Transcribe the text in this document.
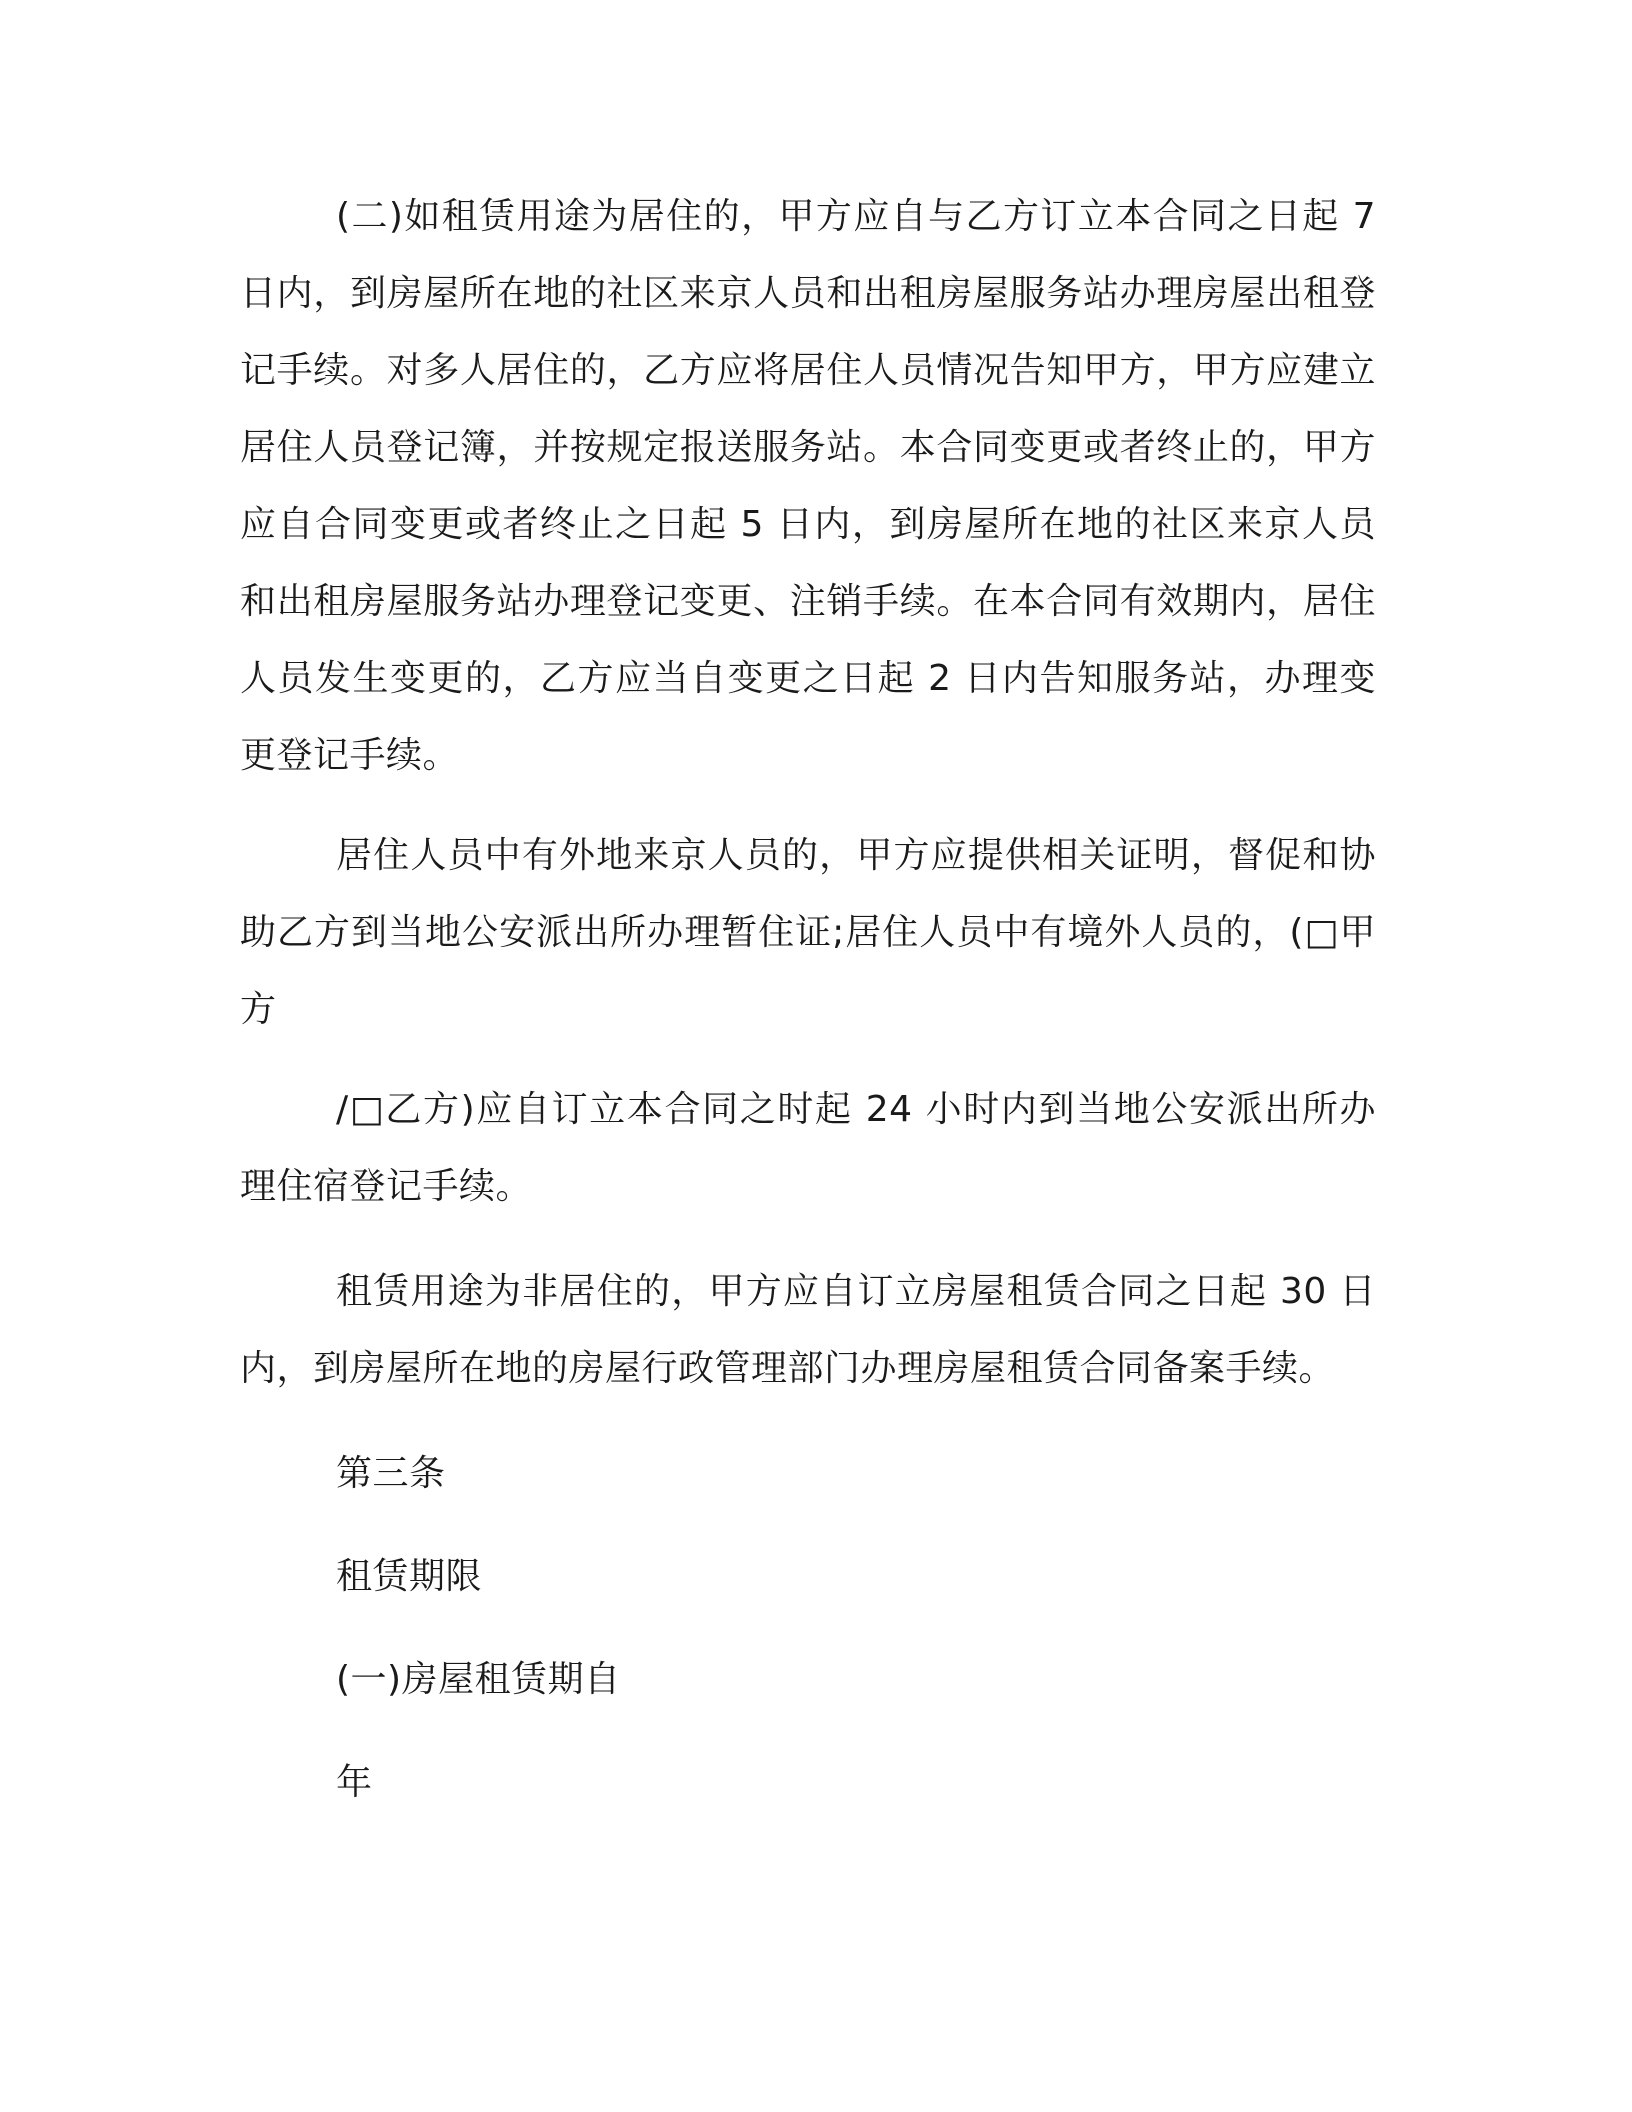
(二)如租赁用途为居住的，甲方应自与乙方订立本合同之日起 7 日内，到房屋所在地的社区来京人员和出租房屋服务站办理房屋出租登记手续。对多人居住的，乙方应将居住人员情况告知甲方，甲方应建立居住人员登记簿，并按规定报送服务站。本合同变更或者终止的，甲方应自合同变更或者终止之日起 5 日内，到房屋所在地的社区来京人员和出租房屋服务站办理登记变更、注销手续。在本合同有效期内，居住人员发生变更的，乙方应当自变更之日起 2 日内告知服务站，办理变更登记手续。

居住人员中有外地来京人员的，甲方应提供相关证明，督促和协助乙方到当地公安派出所办理暂住证;居住人员中有境外人员的，(□甲方

/□乙方)应自订立本合同之时起 24 小时内到当地公安派出所办理住宿登记手续。

租赁用途为非居住的，甲方应自订立房屋租赁合同之日起 30 日内，到房屋所在地的房屋行政管理部门办理房屋租赁合同备案手续。

第三条

租赁期限

(一)房屋租赁期自

年
